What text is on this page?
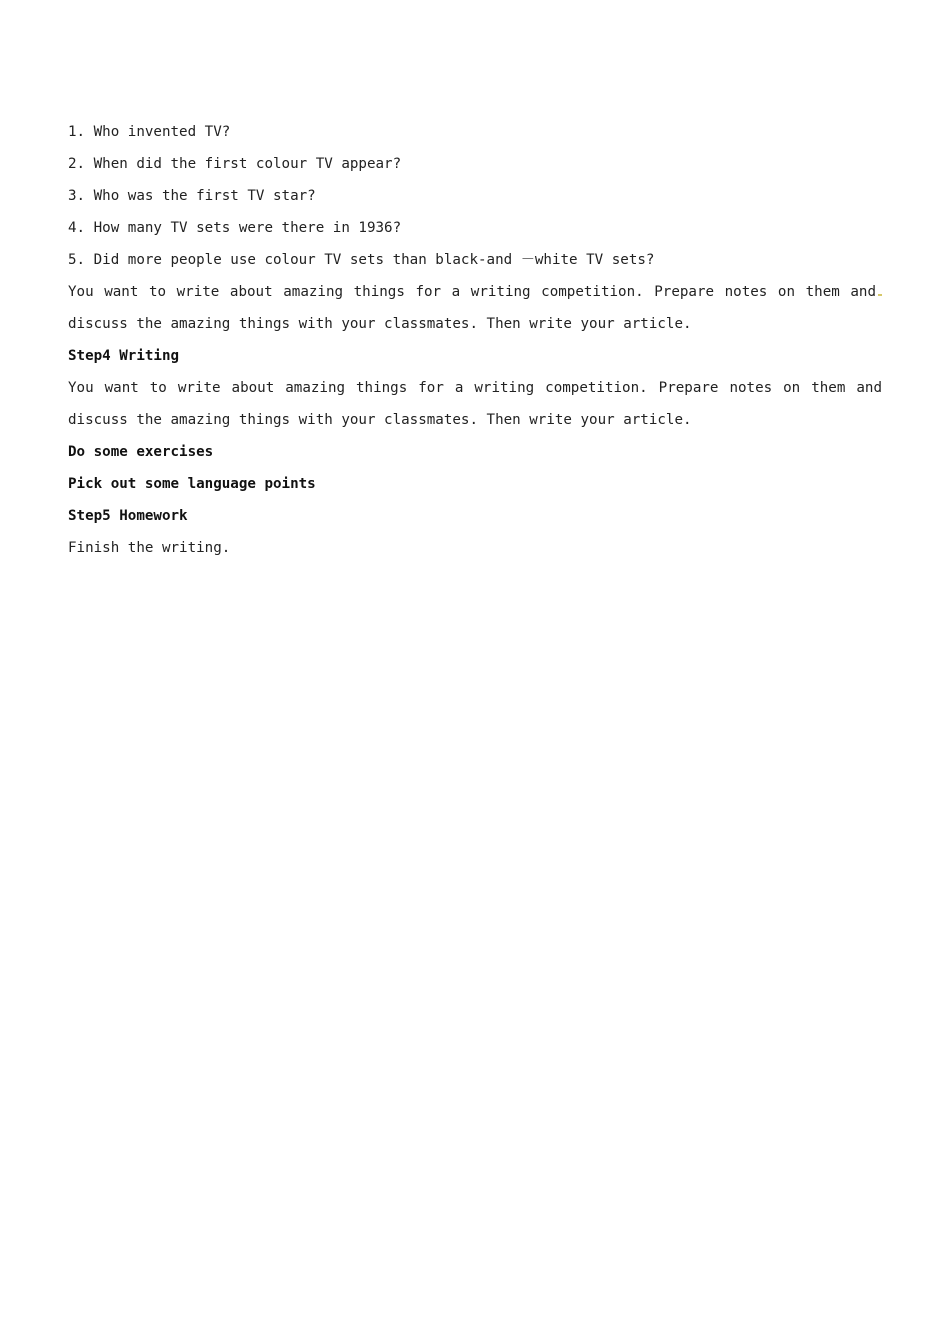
1. Who invented TV?
2. When did the first colour TV appear?
3. Who was the first TV star?
4. How many TV sets were there in 1936?
5. Did more people use colour TV sets than black-and －white TV sets?
You want to write about amazing things for a writing competition. Prepare notes on them and
discuss the amazing things with your classmates. Then write your article.
Step4 Writing
You want to write about amazing things for a writing competition. Prepare notes on them and
discuss the amazing things with your classmates. Then write your article.
Do some exercises
Pick out some language points
Step5 Homework
Finish the writing.
